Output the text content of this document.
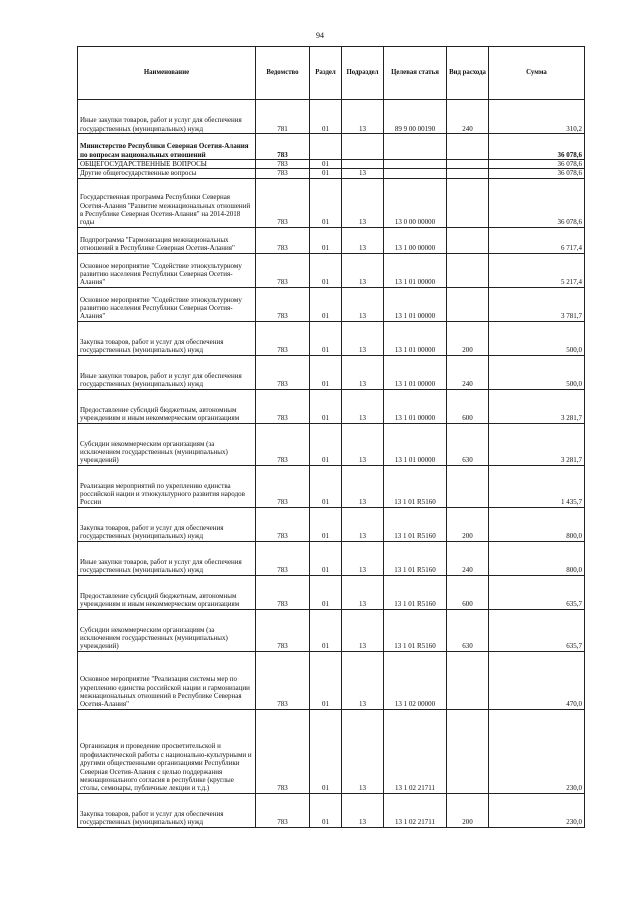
94
Наименование	Ведомство	Раздел	Подраздел	Целевая статья	Вид расхода	Сумма
Иные закупки товаров, работ и услуг для обеспечения государственных (муниципальных) нужд	781	01	13	89 9 00 00190	240	310,2
Министерство Республики Северная Осетия-Алания по вопросам национальных отношений	783					36 078,6
ОБЩЕГОСУДАРСТВЕННЫЕ ВОПРОСЫ	783	01				36 078,6
Другие общегосударственные вопросы	783	01	13			36 078,6
Государственная программа Республики Северная Осетия-Алания "Развитие межнациональных отношений в Республике Северная Осетия-Алания" на 2014-2018 годы	783	01	13	13 0 00 00000		36 078,6
Подпрограмма "Гармонизация межнациональных отношений в Республике Северная Осетия-Алания"	783	01	13	13 1 00 00000		6 717,4
Основное мероприятие "Содействие этнокультурному развитию населения Республики Северная Осетия-Алания"	783	01	13	13 1 01 00000		5 217,4
Основное мероприятие "Содействие этнокультурному развитию населения Республики Северная Осетия-Алания"	783	01	13	13 1 01 00000		3 781,7
Закупка товаров, работ и услуг для обеспечения государственных (муниципальных) нужд	783	01	13	13 1 01 00000	200	500,0
Иные закупки товаров, работ и услуг для обеспечения государственных (муниципальных) нужд	783	01	13	13 1 01 00000	240	500,0
Предоставление субсидий бюджетным, автономным учреждениям и иным некоммерческим организациям	783	01	13	13 1 01 00000	600	3 281,7
Субсидии некоммерческим организациям (за исключением государственных (муниципальных) учреждений)	783	01	13	13 1 01 00000	630	3 281,7
Реализация мероприятий по укреплению единства российской нации и этнокультурного развития народов России	783	01	13	13 1 01 R5160		1 435,7
Закупка товаров, работ и услуг для обеспечения государственных (муниципальных) нужд	783	01	13	13 1 01 R5160	200	800,0
Иные закупки товаров, работ и услуг для обеспечения государственных (муниципальных) нужд	783	01	13	13 1 01 R5160	240	800,0
Предоставление субсидий бюджетным, автономным учреждениям и иным некоммерческим организациям	783	01	13	13 1 01 R5160	600	635,7
Субсидии некоммерческим организациям (за исключением государственных (муниципальных) учреждений)	783	01	13	13 1 01 R5160	630	635,7
Основное мероприятие "Реализация системы мер по укреплению единства российской нации и гармонизации межнациональных отношений в Республике Северная Осетия-Алания"	783	01	13	13 1 02 00000		470,0
Организация и проведение просветительской и профилактической работы с национально-культурными и другими общественными организациями Республики Северная Осетия-Алания с целью поддержания межнационального согласия в республике (круглые столы, семинары, публичные лекции и т.д.)	783	01	13	13 1 02 21711		230,0
Закупка товаров, работ и услуг для обеспечения государственных (муниципальных) нужд	783	01	13	13 1 02 21711	200	230,0
